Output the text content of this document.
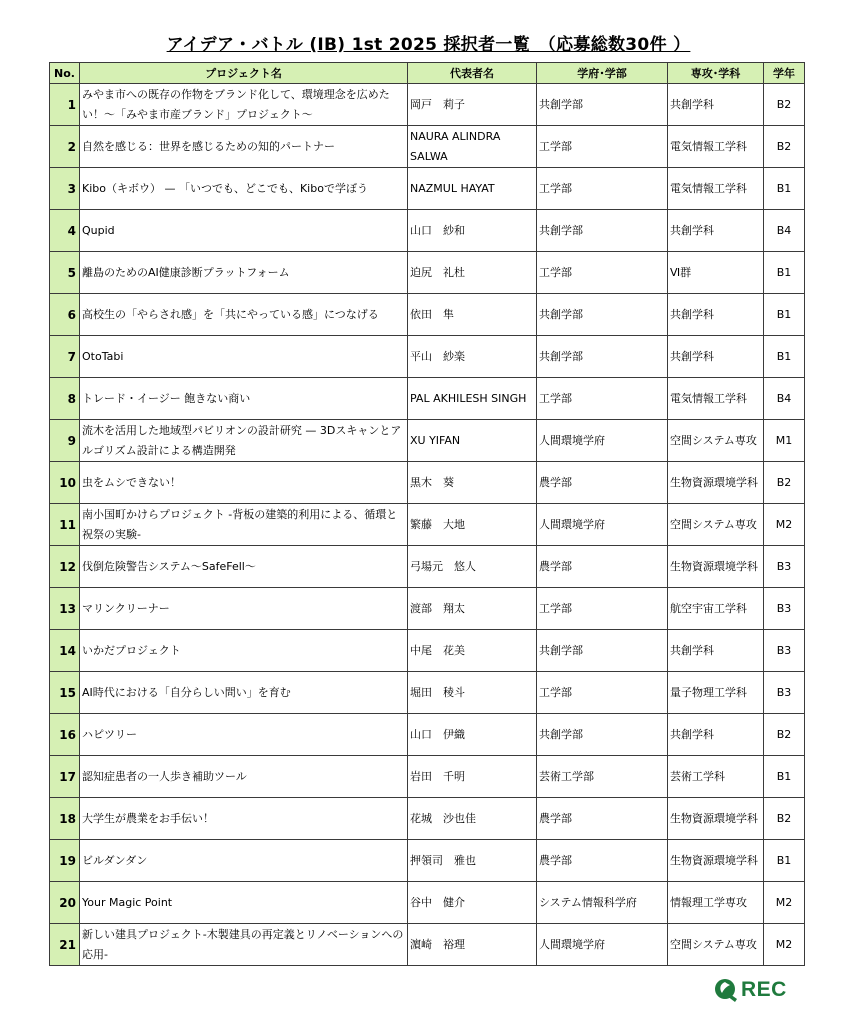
アイデア・バトル (IB) 1st 2025 採択者一覧　（応募総数30件 ）
No.	プロジェクト名	代表者名	学府･学部	専攻･学科	学年
1	みやま市への既存の作物をブランド化して、環境理念を広めたい！～「みやま市産ブランド」プロジェクト～	岡戸　莉子	共創学部	共創学科	B2
2	自然を感じる：世界を感じるための知的パートナー	NAURA ALINDRA SALWA	工学部	電気情報工学科	B2
3	Kibo（キボウ） — 「いつでも、どこでも、Kiboで学ぼう	NAZMUL HAYAT	工学部	電気情報工学科	B1
4	Qupid	山口　紗和	共創学部	共創学科	B4
5	離島のためのAI健康診断プラットフォーム	迫尻　礼杜	工学部	Ⅵ群	B1
6	高校生の「やらされ感」を「共にやっている感」につなげる	依田　隼	共創学部	共創学科	B1
7	OtoTabi	平山　紗楽	共創学部	共創学科	B1
8	トレード・イージー 飽きない商い	PAL AKHILESH SINGH	工学部	電気情報工学科	B4
9	流木を活用した地域型パビリオンの設計研究 — 3Dスキャンとアルゴリズム設計による構造開発	XU YIFAN	人間環境学府	空間システム専攻	M1
10	虫をムシできない！	黒木　葵	農学部	生物資源環境学科	B2
11	南小国町かけらプロジェクト -背板の建築的利用による、循環と祝祭の実験-	繁藤　大地	人間環境学府	空間システム専攻	M2
12	伐倒危険警告システム～SafeFell～	弓場元　悠人	農学部	生物資源環境学科	B3
13	マリンクリーナー	渡部　翔太	工学部	航空宇宙工学科	B3
14	いかだプロジェクト	中尾　花美	共創学部	共創学科	B3
15	AI時代における「自分らしい問い」を育む	堀田　稜斗	工学部	量子物理工学科	B3
16	ハピツリー	山口　伊織	共創学部	共創学科	B2
17	認知症患者の一人歩き補助ツール	岩田　千明	芸術工学部	芸術工学科	B1
18	大学生が農業をお手伝い！	花城　沙也佳	農学部	生物資源環境学科	B2
19	ビルダンダン	押領司　雅也	農学部	生物資源環境学科	B1
20	Your Magic Point	谷中　健介	システム情報科学府	情報理工学専攻	M2
21	新しい建具プロジェクト-木製建具の再定義とリノベーションへの応用-	濵崎　裕理	人間環境学府	空間システム専攻	M2
REC
